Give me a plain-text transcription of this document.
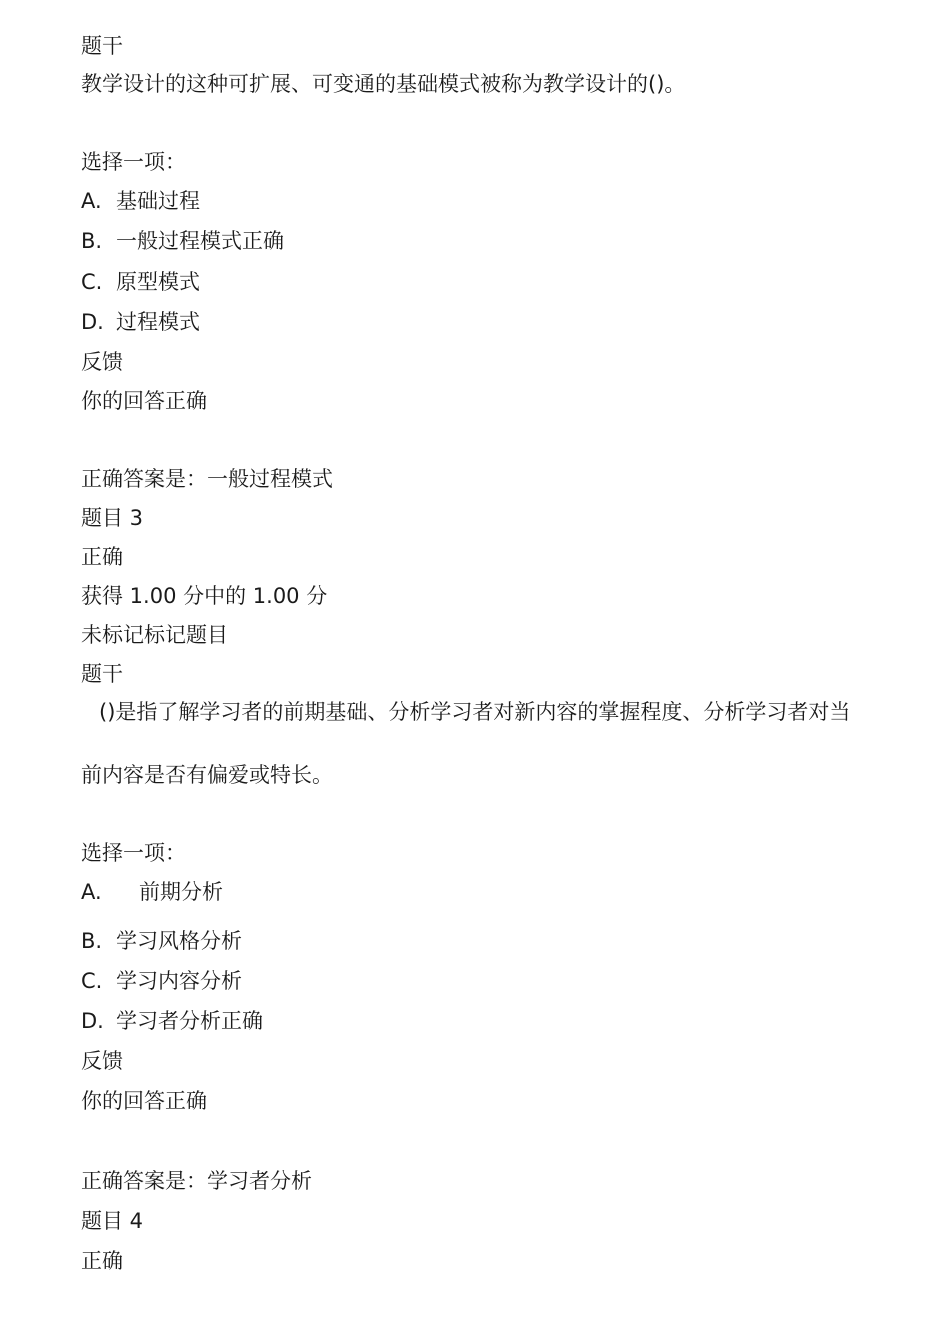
题干
教学设计的这种可扩展、可变通的基础模式被称为教学设计的()。
选择一项：
A. 基础过程
B. 一般过程模式正确
C. 原型模式
D. 过程模式
反馈
你的回答正确
正确答案是：一般过程模式
题目 3
正确
获得 1.00 分中的 1.00 分
未标记标记题目
题干
()是指了解学习者的前期基础、分析学习者对新内容的掌握程度、分析学习者对当
前内容是否有偏爱或特长。
选择一项：
A. 前期分析
B. 学习风格分析
C. 学习内容分析
D. 学习者分析正确
反馈
你的回答正确
正确答案是：学习者分析
题目 4
正确
